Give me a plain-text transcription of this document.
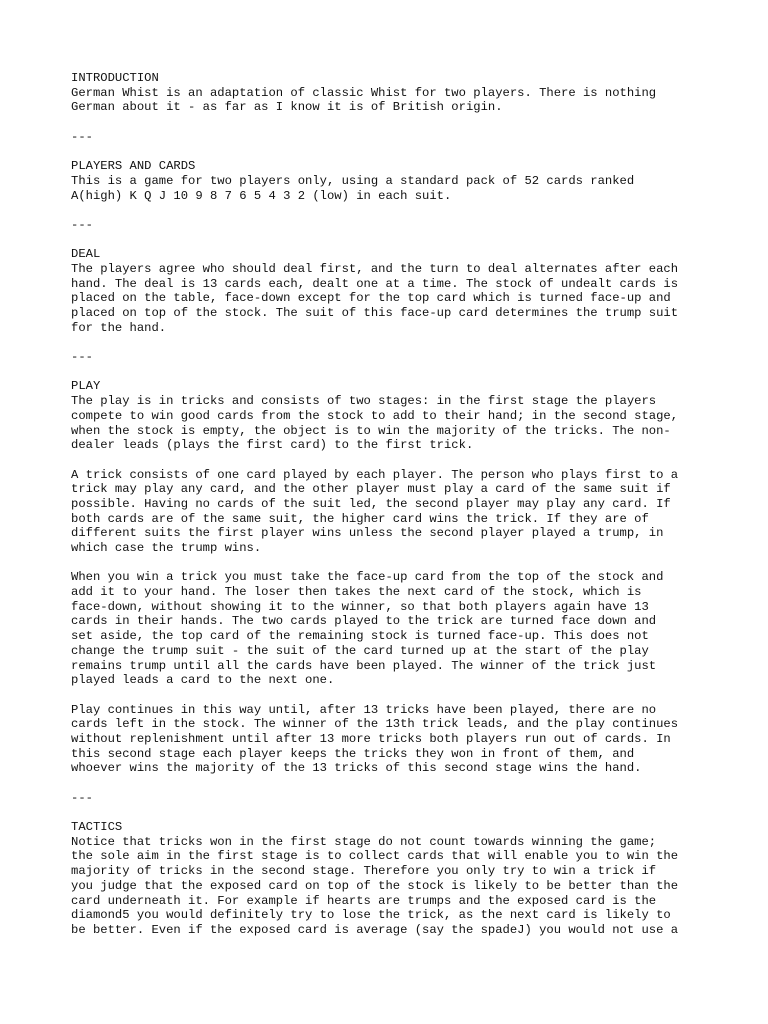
INTRODUCTION
German Whist is an adaptation of classic Whist for two players. There is nothing
German about it - as far as I know it is of British origin.
---
PLAYERS AND CARDS
This is a game for two players only, using a standard pack of 52 cards ranked
A(high) K Q J 10 9 8 7 6 5 4 3 2 (low) in each suit.
---
DEAL
The players agree who should deal first, and the turn to deal alternates after each
hand. The deal is 13 cards each, dealt one at a time. The stock of undealt cards is
placed on the table, face-down except for the top card which is turned face-up and
placed on top of the stock. The suit of this face-up card determines the trump suit
for the hand.
---
PLAY
The play is in tricks and consists of two stages: in the first stage the players
compete to win good cards from the stock to add to their hand; in the second stage,
when the stock is empty, the object is to win the majority of the tricks. The non-
dealer leads (plays the first card) to the first trick.
A trick consists of one card played by each player. The person who plays first to a
trick may play any card, and the other player must play a card of the same suit if
possible. Having no cards of the suit led, the second player may play any card. If
both cards are of the same suit, the higher card wins the trick. If they are of
different suits the first player wins unless the second player played a trump, in
which case the trump wins.
When you win a trick you must take the face-up card from the top of the stock and
add it to your hand. The loser then takes the next card of the stock, which is
face-down, without showing it to the winner, so that both players again have 13
cards in their hands. The two cards played to the trick are turned face down and
set aside, the top card of the remaining stock is turned face-up. This does not
change the trump suit - the suit of the card turned up at the start of the play
remains trump until all the cards have been played. The winner of the trick just
played leads a card to the next one.
Play continues in this way until, after 13 tricks have been played, there are no
cards left in the stock. The winner of the 13th trick leads, and the play continues
without replenishment until after 13 more tricks both players run out of cards. In
this second stage each player keeps the tricks they won in front of them, and
whoever wins the majority of the 13 tricks of this second stage wins the hand.
---
TACTICS
Notice that tricks won in the first stage do not count towards winning the game;
the sole aim in the first stage is to collect cards that will enable you to win the
majority of tricks in the second stage. Therefore you only try to win a trick if
you judge that the exposed card on top of the stock is likely to be better than the
card underneath it. For example if hearts are trumps and the exposed card is the
diamond5 you would definitely try to lose the trick, as the next card is likely to
be better. Even if the exposed card is average (say the spadeJ) you would not use a
